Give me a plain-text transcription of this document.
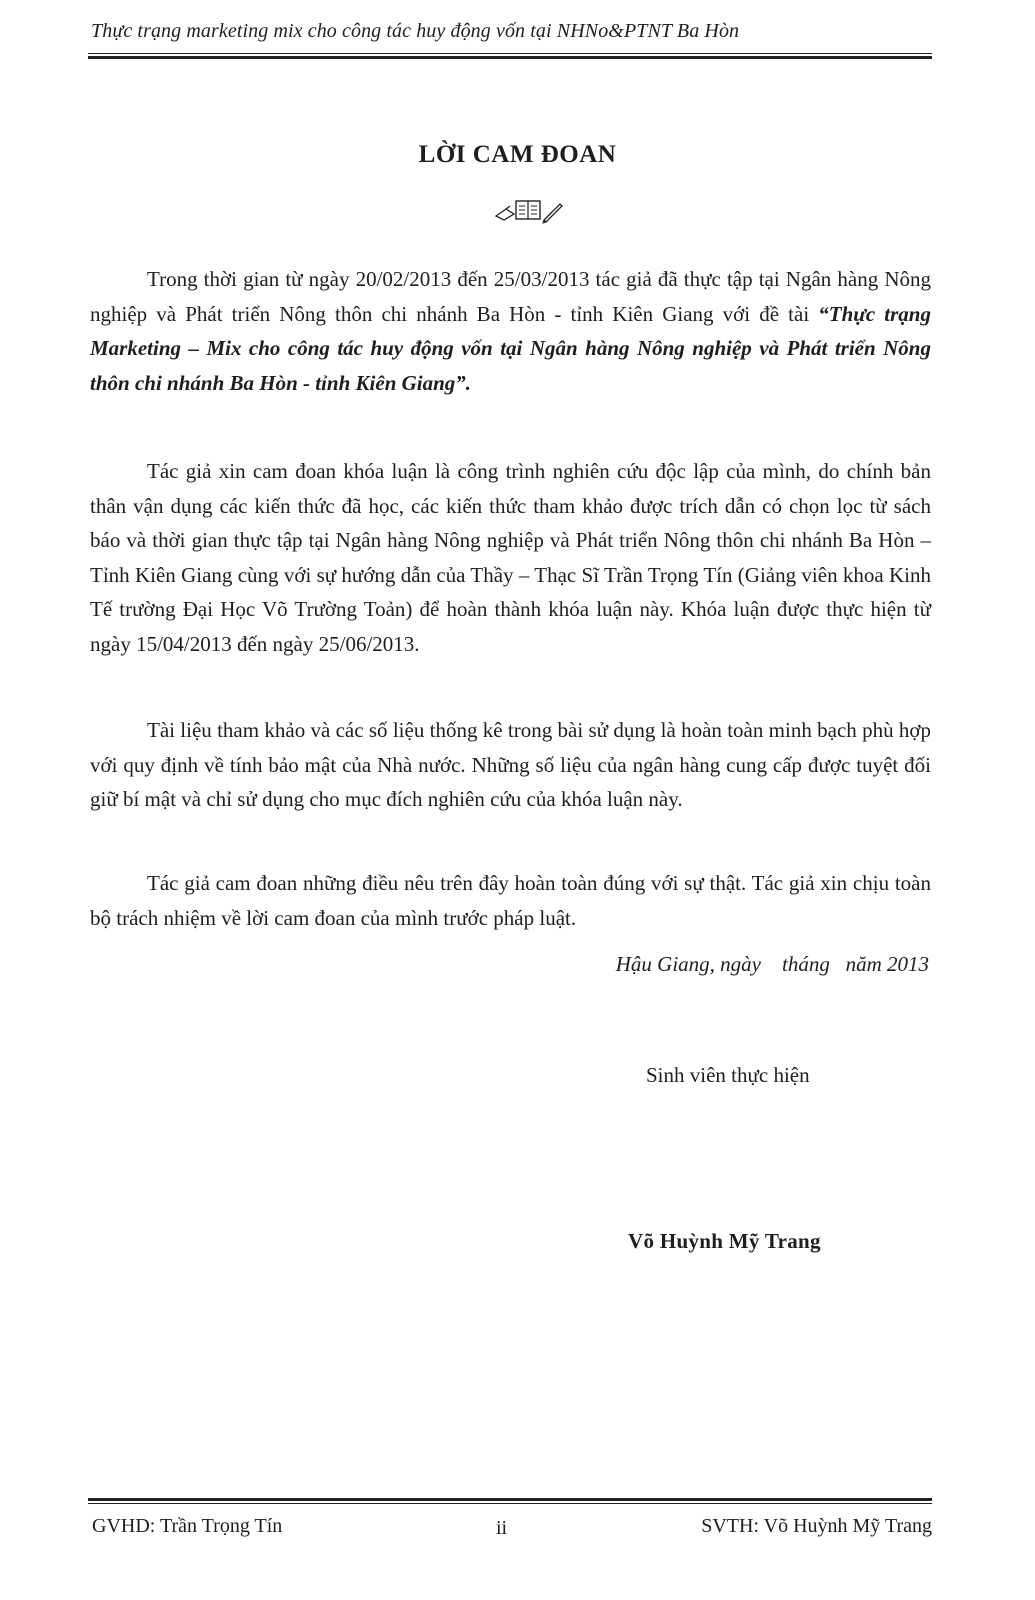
Thực trạng marketing mix cho công tác huy động vốn tại NHNo&PTNT Ba Hòn
LỜI CAM ĐOAN

Trong thời gian từ ngày 20/02/2013 đến 25/03/2013 tác giả đã thực tập tại Ngân hàng Nông nghiệp và Phát triển Nông thôn chi nhánh Ba Hòn - tỉnh Kiên Giang với đề tài “Thực trạng Marketing – Mix cho công tác huy động vốn tại Ngân hàng Nông nghiệp và Phát triển Nông thôn chi nhánh Ba Hòn - tỉnh Kiên Giang”.

Tác giả xin cam đoan khóa luận là công trình nghiên cứu độc lập của mình, do chính bản thân vận dụng các kiến thức đã học, các kiến thức tham khảo được trích dẫn có chọn lọc từ sách báo và thời gian thực tập tại Ngân hàng Nông nghiệp và Phát triển Nông thôn chi nhánh Ba Hòn – Tỉnh Kiên Giang cùng với sự hướng dẫn của Thầy – Thạc Sĩ Trần Trọng Tín (Giảng viên khoa Kinh Tế trường Đại Học Võ Trường Toản) để hoàn thành khóa luận này. Khóa luận được thực hiện từ ngày 15/04/2013 đến ngày 25/06/2013.

Tài liệu tham khảo và các số liệu thống kê trong bài sử dụng là hoàn toàn minh bạch phù hợp với quy định về tính bảo mật của Nhà nước. Những số liệu của ngân hàng cung cấp được tuyệt đối giữ bí mật và chỉ sử dụng cho mục đích nghiên cứu của khóa luận này.

Tác giả cam đoan những điều nêu trên đây hoàn toàn đúng với sự thật. Tác giả xin chịu toàn bộ trách nhiệm về lời cam đoan của mình trước pháp luật.

Hậu Giang, ngày    tháng   năm 2013
Sinh viên thực hiện
Võ Huỳnh Mỹ Trang
GVHD: Trần Trọng Tín	ii	SVTH: Võ Huỳnh Mỹ Trang
